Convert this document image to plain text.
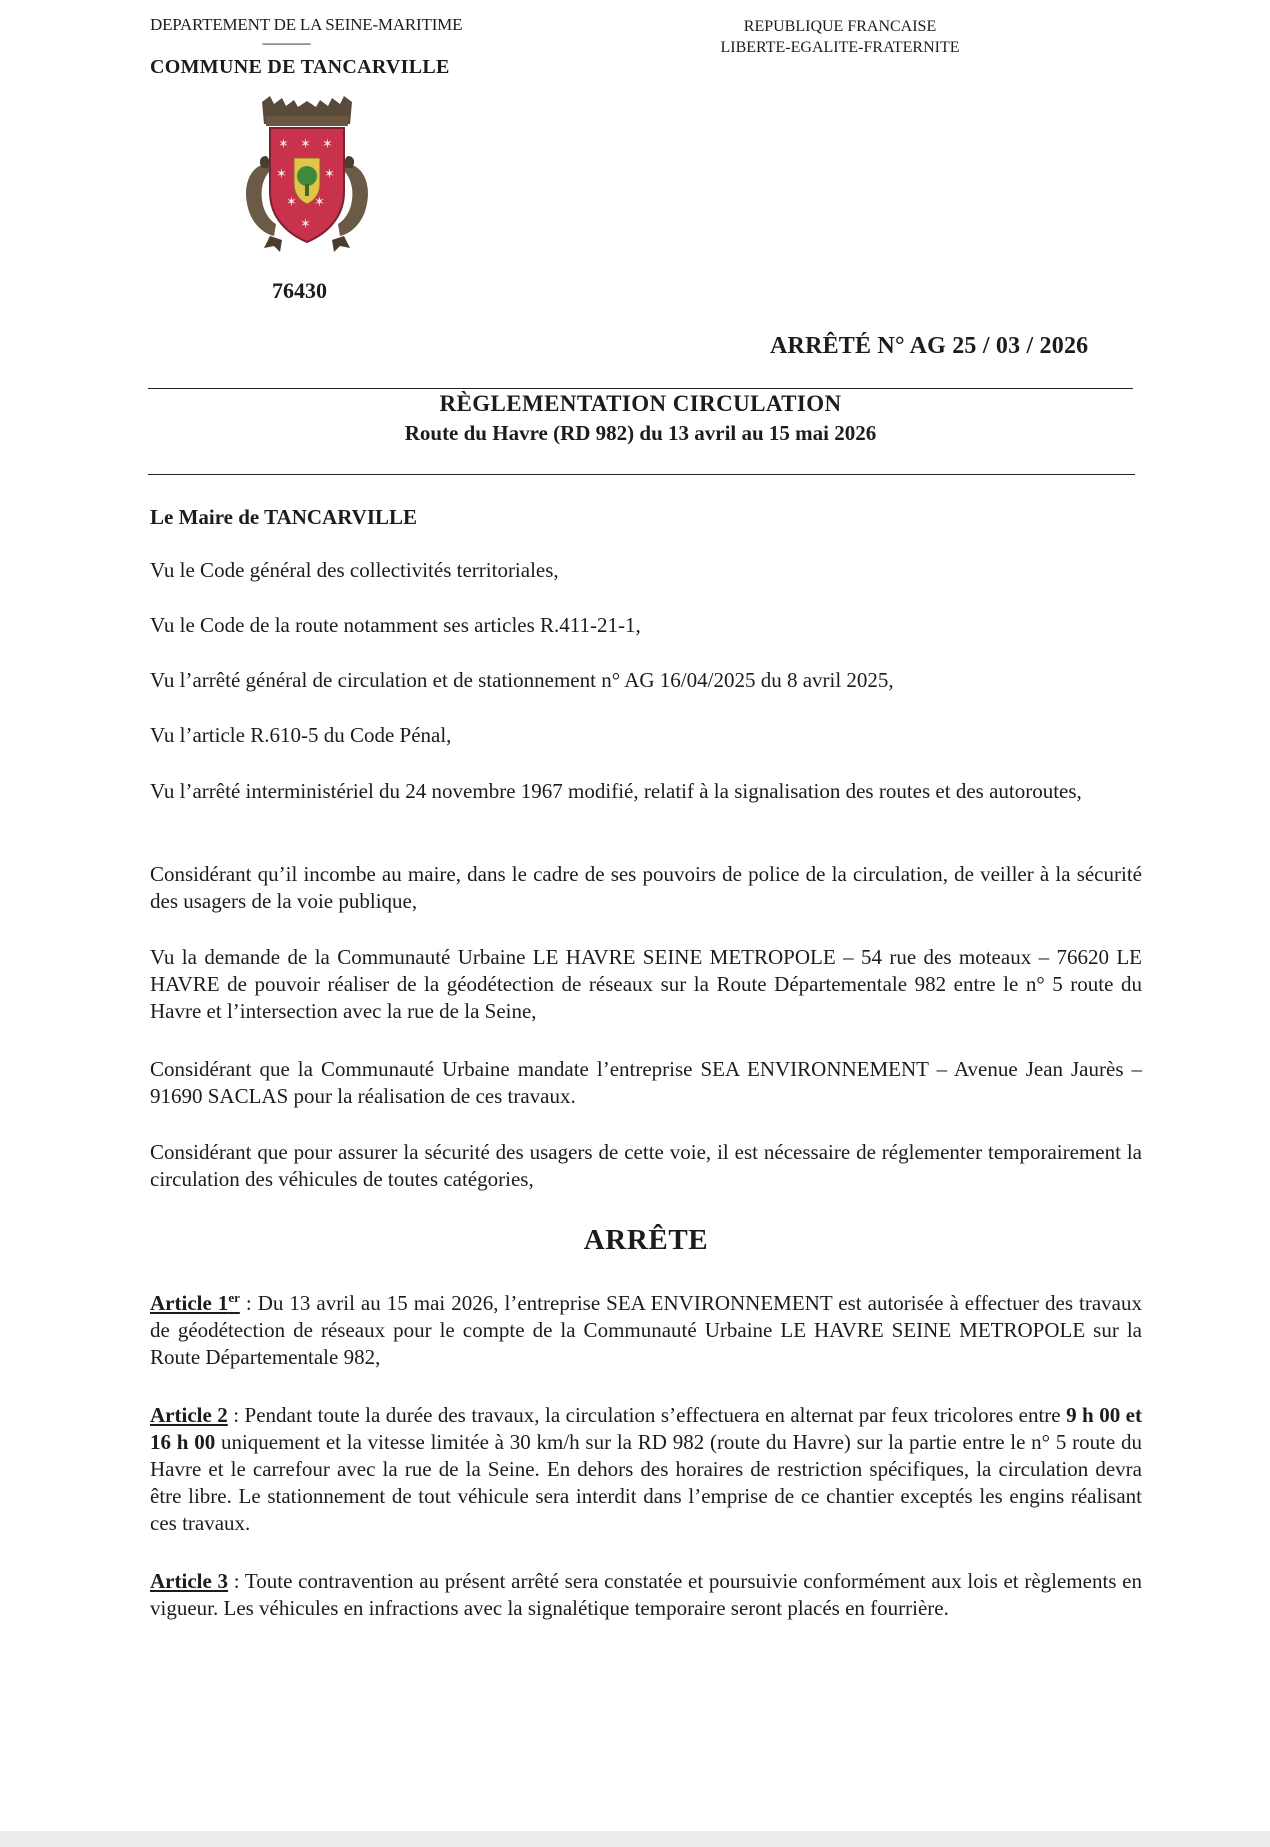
DEPARTEMENT DE LA SEINE-MARITIME
----------------
COMMUNE DE TANCARVILLE
REPUBLIQUE FRANCAISE
LIBERTE-EGALITE-FRATERNITE
✶ ✶ ✶
✶	✶
✶ ✶
✶
76430
ARRÊTÉ N° AG 25 / 03 / 2026
RÈGLEMENTATION CIRCULATION
Route du Havre (RD 982) du 13 avril au 15 mai 2026
Le Maire de TANCARVILLE
Vu le Code général des collectivités territoriales,
Vu le Code de la route notamment ses articles R.411-21-1,
Vu l’arrêté général de circulation et de stationnement n° AG 16/04/2025 du 8 avril 2025,
Vu l’article R.610-5 du Code Pénal,
Vu l’arrêté interministériel du 24 novembre 1967 modifié, relatif à la signalisation des routes et des autoroutes,
Considérant qu’il incombe au maire, dans le cadre de ses pouvoirs de police de la circulation, de veiller à la sécurité des usagers de la voie publique,
Vu la demande de la Communauté Urbaine LE HAVRE SEINE METROPOLE – 54 rue des moteaux – 76620 LE HAVRE de pouvoir réaliser de la géodétection de réseaux sur la Route Départementale 982 entre le n° 5 route du Havre et l’intersection avec la rue de la Seine,
Considérant que la Communauté Urbaine mandate l’entreprise SEA ENVIRONNEMENT – Avenue Jean Jaurès – 91690 SACLAS pour la réalisation de ces travaux.
Considérant que pour assurer la sécurité des usagers de cette voie, il est nécessaire de réglementer temporairement la circulation des véhicules de toutes catégories,
ARRÊTE
Article 1er : Du 13 avril au 15 mai 2026, l’entreprise SEA ENVIRONNEMENT est autorisée à effectuer des travaux de géodétection de réseaux pour le compte de la Communauté Urbaine LE HAVRE SEINE METROPOLE sur la Route Départementale 982,
Article 2 : Pendant toute la durée des travaux, la circulation s’effectuera en alternat par feux tricolores entre 9 h 00 et 16 h 00 uniquement et la vitesse limitée à 30 km/h sur la RD 982 (route du Havre) sur la partie entre le n° 5 route du Havre et le carrefour avec la rue de la Seine. En dehors des horaires de restriction spécifiques, la circulation devra être libre. Le stationnement de tout véhicule sera interdit dans l’emprise de ce chantier exceptés les engins réalisant ces travaux.
Article 3 : Toute contravention au présent arrêté sera constatée et poursuivie conformément aux lois et règlements en vigueur. Les véhicules en infractions avec la signalétique temporaire seront placés en fourrière.
